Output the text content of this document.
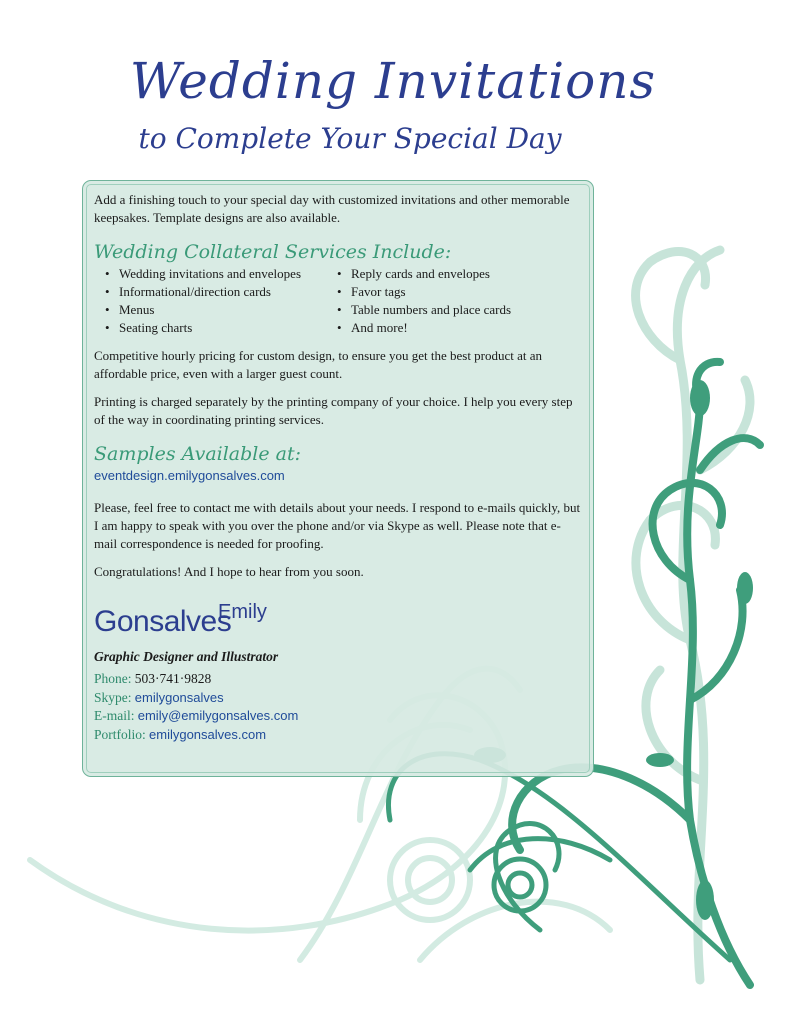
Wedding Invitations
to Complete Your Special Day

Add a finishing touch to your special day with customized invitations and other memorable keepsakes. Template designs are also available.

Wedding Collateral Services Include:

• Wedding invitations and envelopes
• Informational/direction cards
• Menus
• Seating charts
• Reply cards and envelopes
• Favor tags
• Table numbers and place cards
• And more!

Competitive hourly pricing for custom design, to ensure you get the best product at an affordable price, even with a larger guest count.

Printing is charged separately by the printing company of your choice. I help you every step of the way in coordinating printing services.

Samples Available at:

eventdesign.emilygonsalves.com

Please, feel free to contact me with details about your needs. I respond to e-mails quickly, but I am happy to speak with you over the phone and/or via Skype as well. Please note that e-mail correspondence is needed for proofing.

Congratulations! And I hope to hear from you soon.

Emily
Gonsalves
Graphic Designer and Illustrator
Phone: 503·741·9828
Skype: emilygonsalves
E-mail: emily@emilygonsalves.com
Portfolio: emilygonsalves.com
